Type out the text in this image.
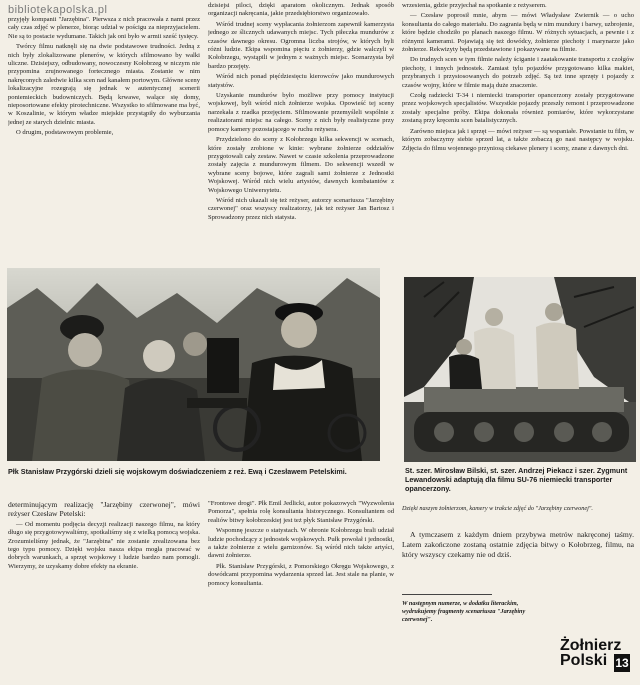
bibliotekapolska.pl

przyjęły kompanii "Jarzębina". Pierwsza z nich pracowała z nami przez cały czas zdjęć w plenerze, biorąc udział w pościgu za nieprzyjacielem. Nie są to postacie wydumane. Takich jak oni było w armii sześć tysięcy.

Twórcy filmu natknęli się na dwie podstawowe trudności. Jedną z nich były zlokalizowane plenerów, w których sfilmowano by walki uliczne. Dzisiejszy, odbudowany, nowoczesny Kołobrzeg w niczym nie przypomina zrujnowanego fortecznego miasta. Zostanie w nim nakręconych zaledwie kilka scen nad kanałem portowym. Główne sceny lokalizacyjne rozegrają się jednak w autentycznej scenerii poniemieckich budowniczych. Będą krwawe, walące się domy, nieposortowane efekty pirotechniczne. Wszystko to sfilmowane ma być, w Koszalinie, w którym władze miejskie przystąpiły do wyburzania jednej ze starych dzielnic miasta.

O drugim, podstawowym problemie,

dzisiejsi piloci, dzięki aparatom okolicznym. Jednak sposób organizacji nakręcania, jakie przedsiębiorstwo organizowało.

Wśród trudnej sceny wypłacania żołnierzom zapewnił kamerzysta jednego ze ślicznych udawanych miejsc. Tych piłeczka mundurów z czasów dawnego okresu. Ogromna liczba strojów, w których byli różni ludzie. Ekipa wspomina pięciu z żołnierzy, gdzie walczyli w Kołobrzegu, wystąpili w jednym z ważnych miejsc. Scenarzysta był bardzo przejęty.

Wśród nich ponad pięćdziesięciu kierowców jako mundurowych statystów.

Uzyskanie mundurów było możliwe przy pomocy instytucji wojskowej, byli wśród nich żołnierze wojska. Opowieść tej sceny narzekała z rzadka przejęciem. Sfilmowanie przemyśleli wspólnie z realizatorami miejsc na całego. Sceny z nich były realistyczne przy pomocy kamery pozostającego w ruchu reżysera.

Przydzielono do sceny z Kołobrzegu kilka sekwencji w scenach, które zostały zrobione w kinie: wybrane żołnierze oddziałów przygotowali cały zestaw. Nawet w czasie szkolenia przeprowadzone zostały zajęcia z mundurowym filmem. Do sekwencji wszedł w wybrane sceny bojowe, które zagrali sami żołnierze z Jednostki Wojskowej. Wśród nich wielu artystów, dawnych kombatantów z Wojskowego Uniwersytetu.

Wśród nich ukazali się też reżyser, autorzy scenariusza "Jarzębiny czerwonej" oraz wszyscy realizatorzy, jak też reżyser Jan Bartosz i Sprowadzony przez nich statysta.

wrzesienia, gdzie przyjechał na spotkanie z reżyserem.

— Czesław poprosił mnie, abym — mówi Władysław Zwiernik — o ucho konsultanta do całego materiału. Do zagrania będą w nim mundury i barwy, uzbrojenie, które będzie chodziło po planach naszego filmu. W różnych sytuacjach, a pewnie i z różnymi kamerami. Pojawiają się też dowódcy, żołnierze piechoty i marynarze jako żołnierze. Rekwizyty będą przedstawione i pokazywane na filmie.

Do trudnych scen w tym filmie należy ściganie i zaatakowanie transportu z czołgów piechoty, i innych jednostek. Zamiast tylu pojazdów przygotowano kilka makiet, przybranych i przystosowanych do potrzeb zdjęć. Są też inne sprzęty i pojazdy z czasów wojny, które w filmie mają duże znaczenie.

Czołg radziecki T-34 i niemiecki transporter opancerzony zostały przygotowane przez wojskowych specjalistów. Wszystkie pojazdy przeszły remont i przeprowadzone zostały specjalne próby. Ekipa dokonała również pomiarów, które wykorzystane zostaną przy kręceniu scen batalistycznych.

Zarówno miejsca jak i sprzęt — mówi reżyser — są wspaniałe. Powstanie tu film, w którym zobaczymy siebie sprzed lat, a także zobaczą go nasi następcy w wojsku. Zdjęcia do filmu wojennego przyniosą ciekawe plenery i sceny, znane z dawnych dni.

Płk Stanisław Przygórski dzieli się wojskowym doświadczeniem z reż. Ewą i Czesławem Petelskimi.	St. szer. Mirosław Bilski, st. szer. Andrzej Piekacz i szer. Zygmunt Lewandowski adaptują dla filmu SU-76 niemiecki transporter opancerzony.

determinującym realizację "Jarzębiny czerwonej", mówi reżyser Czesław Petelski:

— Od momentu podjęcia decyzji realizacji naszego filmu, na który długo się przygotowywaliśmy, spotkaliśmy się z wielką pomocą wojska. Zrozumieliśmy jednak, że "Jarzębina" nie zostanie zrealizowana bez tego typu pomocy. Dzięki wojsku nasza ekipa mogła pracować w dobrych warunkach, a sprzęt wojskowy i ludzie bardzo nam pomogli. Wierzymy, że uzyskamy dobre efekty na ekranie.

"Frontowe drogi". Płk Emil Jedlicki, autor pokazowych "Wyzwolenia Pomorza", spełnia rolę konsultanta historycznego. Konsultantem od realiów bitwy kołobrzeskiej jest też płyk Stanisław Przygórski.

Wspomnę jeszcze o statystach. W obronie Kołobrzegu brali udział ludzie pochodzący z jednostek wojskowych. Pułk powołał i jednostki, a także żołnierze z wielu garnizonów. Są wśród nich także artyści, dawni żołnierze.

Płk. Stanisław Przygórski, z Pomorskiego Okręgu Wojskowego, z dowódcami przypomina wydarzenia sprzed lat. Jest stale na planie, w pomocy konsultanta.

Dzięki naszym żołnierzom, kamery w trakcie zdjęć do "Jarzębiny czerwonej".

A tymczasem z każdym dniem przybywa metrów nakręconej taśmy. Latem zakończone zostaną ostatnie zdjęcia bitwy o Kołobrzeg, filmu, na który wszyscy czekamy nie od dziś.

W następnym numerze, w dodatku literackim, wydrukujemy fragmenty scenariusza "Jarzębiny czerwonej".
Żołnierz
Polski 13
